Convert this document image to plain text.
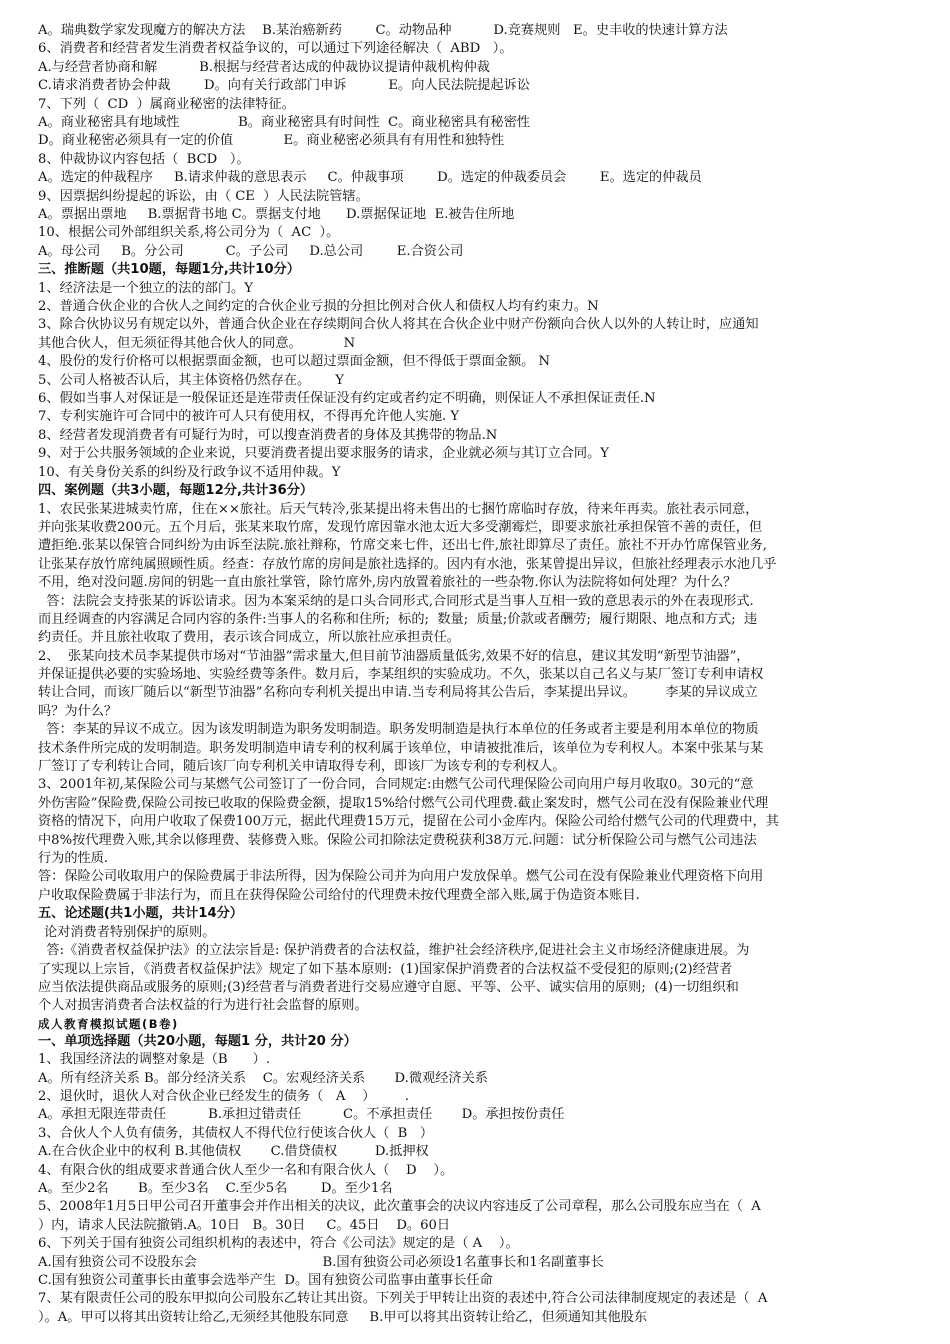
A。瑞典数学家发现魔方的解决方法    B.某治癌新药        C。动物品种          D.竞赛规则   E。史丰收的快速计算方法
6、消费者和经营者发生消费者权益争议的，可以通过下列途径解决（  ABD   ）。
A.与经营者协商和解          B.根据与经营者达成的仲裁协议提请仲裁机构仲裁
C.请求消费者协会仲裁        D。向有关行政部门申诉          E。向人民法院提起诉讼
7、下列（  CD  ）属商业秘密的法律特征。
A。商业秘密具有地域性              B。商业秘密具有时间性  C。商业秘密具有秘密性
D。商业秘密必须具有一定的价值            E。商业秘密必须具有有用性和独特性
8、仲裁协议内容包括（  BCD   ）。
A。选定的仲裁程序     B.请求仲裁的意思表示     C。仲裁事项        D。选定的仲裁委员会        E。选定的仲裁员
9、因票据纠纷提起的诉讼，由（ CE  ）人民法院管辖。
A。票据出票地     B.票据背书地 C。票据支付地      D.票据保证地  E.被告住所地
10、根据公司外部组织关系,将公司分为（  AC  ）。
A。母公司     B。分公司          C。子公司     D.总公司        E.合资公司
三、推断题（共10题，每题1分,共计10分）
1、经济法是一个独立的法的部门。Y
2、普通合伙企业的合伙人之间约定的合伙企业亏损的分担比例对合伙人和债权人均有约束力。N
3、除合伙协议另有规定以外，普通合伙企业在存续期间合伙人将其在合伙企业中财产份额向合伙人以外的人转让时，应通知
其他合伙人，但无须征得其他合伙人的同意。          N
4、股份的发行价格可以根据票面金额，也可以超过票面金额，但不得低于票面金额。 N
5、公司人格被否认后，其主体资格仍然存在。      Y
6、假如当事人对保证是一般保证还是连带责任保证没有约定或者约定不明确，则保证人不承担保证责任.N
7、专利实施许可合同中的被许可人只有使用权，不得再允许他人实施. Y
8、经营者发现消费者有可疑行为时，可以搜查消费者的身体及其携带的物品.N
9、对于公共服务领域的企业来说，只要消费者提出要求服务的请求，企业就必须与其订立合同。Y
10、有关身份关系的纠纷及行政争议不适用仲裁。Y
四、案例题（共3小题，每题12分,共计36分）
1、农民张某进城卖竹席，住在××旅社。后天气转冷,张某提出将未售出的七捆竹席临时存放，待来年再卖。旅社表示同意，
并向张某收费200元。五个月后，张某来取竹席，发现竹席因靠水池太近大多受潮霉烂，即要求旅社承担保管不善的责任，但
遭拒绝.张某以保管合同纠纷为由诉至法院.旅社辩称，竹席交来七件，还出七件,旅社即算尽了责任。旅社不开办竹席保管业务,
让张某存放竹席纯属照顾性质。经查：存放竹席的房间是旅社选择的。因内有水池，张某曾提出异议，但旅社经理表示水池几乎
不用，绝对没问题.房间的钥匙一直由旅社掌管，除竹席外,房内放置着旅社的一些杂物.你认为法院将如何处理？为什么？
答：法院会支持张某的诉讼请求。因为本案采纳的是口头合同形式,合同形式是当事人互相一致的意思表示的外在表现形式.
而且经调查的内容满足合同内容的条件:当事人的名称和住所;  标的;  数量;  质量;价款或者酬劳;  履行期限、地点和方式;  违
约责任。并且旅社收取了费用，表示该合同成立，所以旅社应承担责任。
2、  张某向技术员李某提供市场对“节油器”需求量大,但目前节油器质量低劣,效果不好的信息，建议其发明“新型节油器”，
并保证提供必要的实验场地、实验经费等条件。数月后，李某组织的实验成功。不久，张某以自己名义与某厂签订专利申请权
转让合同，而该厂随后以“新型节油器”名称向专利机关提出申请.当专利局将其公告后，李某提出异议。       李某的异议成立
吗？为什么？
答：李某的异议不成立。因为该发明制造为职务发明制造。职务发明制造是执行本单位的任务或者主要是利用本单位的物质
技术条件所完成的发明制造。职务发明制造申请专利的权利属于该单位，申请被批准后，该单位为专利权人。本案中张某与某
厂签订了专利转让合同，随后该厂向专利机关申请取得专利，即该厂为该专利的专利权人。
3、2001年初,某保险公司与某燃气公司签订了一份合同，合同规定:由燃气公司代理保险公司向用户每月收取0。30元的“意
外伤害险”保险费,保险公司按已收取的保险费金额，提取15%给付燃气公司代理费.截止案发时，燃气公司在没有保险兼业代理
资格的情况下，向用户收取了保费100万元，据此代理费15万元，提留在公司小金库内。保险公司给付燃气公司的代理费中，其
中8%按代理费入账,其余以修理费、装修费入账。保险公司扣除法定费税获利38万元.问题：试分析保险公司与燃气公司违法
行为的性质.
答：保险公司收取用户的保险费属于非法所得，因为保险公司并为向用户发放保单。燃气公司在没有保险兼业代理资格下向用
户收取保险费属于非法行为，而且在获得保险公司给付的代理费未按代理费全部入账,属于伪造资本账目.
五、论述题(共1小题，共计14分）
论对消费者特别保护的原则。
答:《消费者权益保护法》的立法宗旨是: 保护消费者的合法权益，维护社会经济秩序,促进社会主义市场经济健康进展。为
了实现以上宗旨，《消费者权益保护法》规定了如下基本原则:  (1)国家保护消费者的合法权益不受侵犯的原则;(2)经营者
应当依法提供商品或服务的原则;(3)经营者与消费者进行交易应遵守自愿、平等、公平、诚实信用的原则;  (4)一切组织和
个人对损害消费者合法权益的行为进行社会监督的原则。
成人教育模拟试题(B卷)
一、单项选择题（共20小题，每题1 分，共计20 分）
1、我国经济法的调整对象是（B      ）.
A。所有经济关系 B。部分经济关系    C。宏观经济关系       D.微观经济关系
2、退伙时，退伙人对合伙企业已经发生的债务（   A    ）       .
A。承担无限连带责任          B.承担过错责任          C。不承担责任       D。承担按份责任
3、合伙人个人负有债务，其债权人不得代位行使该合伙人（  B   ）
A.在合伙企业中的权利 B.其他债权       C.借贷债权         D.抵押权
4、有限合伙的组成要求普通合伙人至少一名和有限合伙人（    D    ）。
A。至少2名       B。至少3名    C.至少5名        D。至少1名
5、2008年1月5日甲公司召开董事会并作出相关的决议，此次董事会的决议内容违反了公司章程，那么公司股东应当在（  A
）内，请求人民法院撤销.A。10日   B。30日     C。45日    D。60日
6、下列关于国有独资公司组织机构的表述中，符合《公司法》规定的是（ A    ）。
A.国有独资公司不设股东会                              B.国有独资公司必须设1名董事长和1名副董事长
C.国有独资公司董事长由董事会选举产生  D。国有独资公司监事由董事长任命
7、某有限责任公司的股东甲拟向公司股东乙转让其出资。下列关于甲转让出资的表述中,符合公司法律制度规定的表述是（  A
）。A。甲可以将其出资转让给乙,无须经其他股东同意     B.甲可以将其出资转让给乙，但须通知其他股东
